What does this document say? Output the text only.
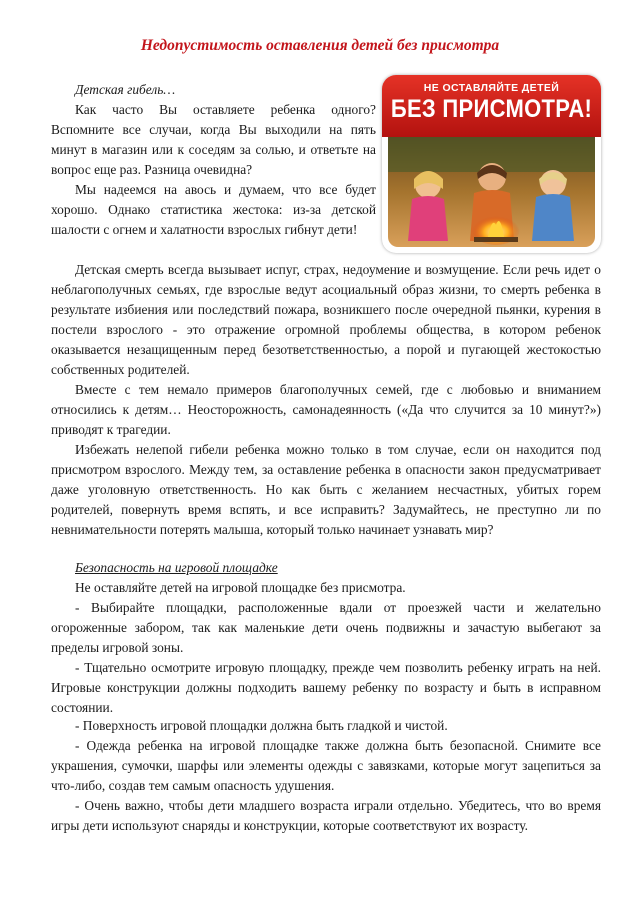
Недопустимость оставления детей без присмотра

Детская гибель…

Как часто Вы оставляете ребенка одного? Вспомните все случаи, когда Вы выходили на пять минут в магазин или к соседям за солью, и ответьте на вопрос еще раз. Разница очевидна?

Мы надеемся на авось и думаем, что все будет хорошо. Однако статистика жестока: из-за детской шалости с огнем и халатности взрослых гибнут дети!

НЕ ОСТАВЛЯЙТЕ ДЕТЕЙ
БЕЗ ПРИСМОТРА!

Детская смерть всегда вызывает испуг, страх, недоумение и возмущение. Если речь идет о неблагополучных семьях, где взрослые ведут асоциальный образ жизни, то смерть ребенка в результате избиения или последствий пожара, возникшего после очередной пьянки, курения в постели взрослого - это отражение огромной проблемы общества, в котором ребенок оказывается незащищенным перед безответственностью, а порой и пугающей жестокостью собственных родителей.

Вместе с тем немало примеров благополучных семей, где с любовью и вниманием относились к детям… Неосторожность, самонадеянность («Да что случится за 10 минут?») приводят к трагедии.

Избежать нелепой гибели ребенка можно только в том случае, если он находится под присмотром взрослого. Между тем, за оставление ребенка в опасности закон предусматривает даже уголовную ответственность. Но как быть с желанием несчастных, убитых горем родителей, повернуть время вспять, и все исправить? Задумайтесь, не преступно ли по невнимательности потерять малыша, который только начинает узнавать мир?

Безопасность на игровой площадке

Не оставляйте детей на игровой площадке без присмотра.

- Выбирайте площадки, расположенные вдали от проезжей части и желательно огороженные забором, так как маленькие дети очень подвижны и зачастую выбегают за пределы игровой зоны.

- Тщательно осмотрите игровую площадку, прежде чем позволить ребенку играть на ней. Игровые конструкции должны подходить вашему ребенку по возрасту и быть в исправном состоянии.

- Поверхность игровой площадки должна быть гладкой и чистой.

- Одежда ребенка на игровой площадке также должна быть безопасной. Снимите все украшения, сумочки, шарфы или элементы одежды с завязками, которые могут зацепиться за что-либо, создав тем самым опасность удушения.

- Очень важно, чтобы дети младшего возраста играли отдельно. Убедитесь, что во время игры дети используют снаряды и конструкции, которые соответствуют их возрасту.
